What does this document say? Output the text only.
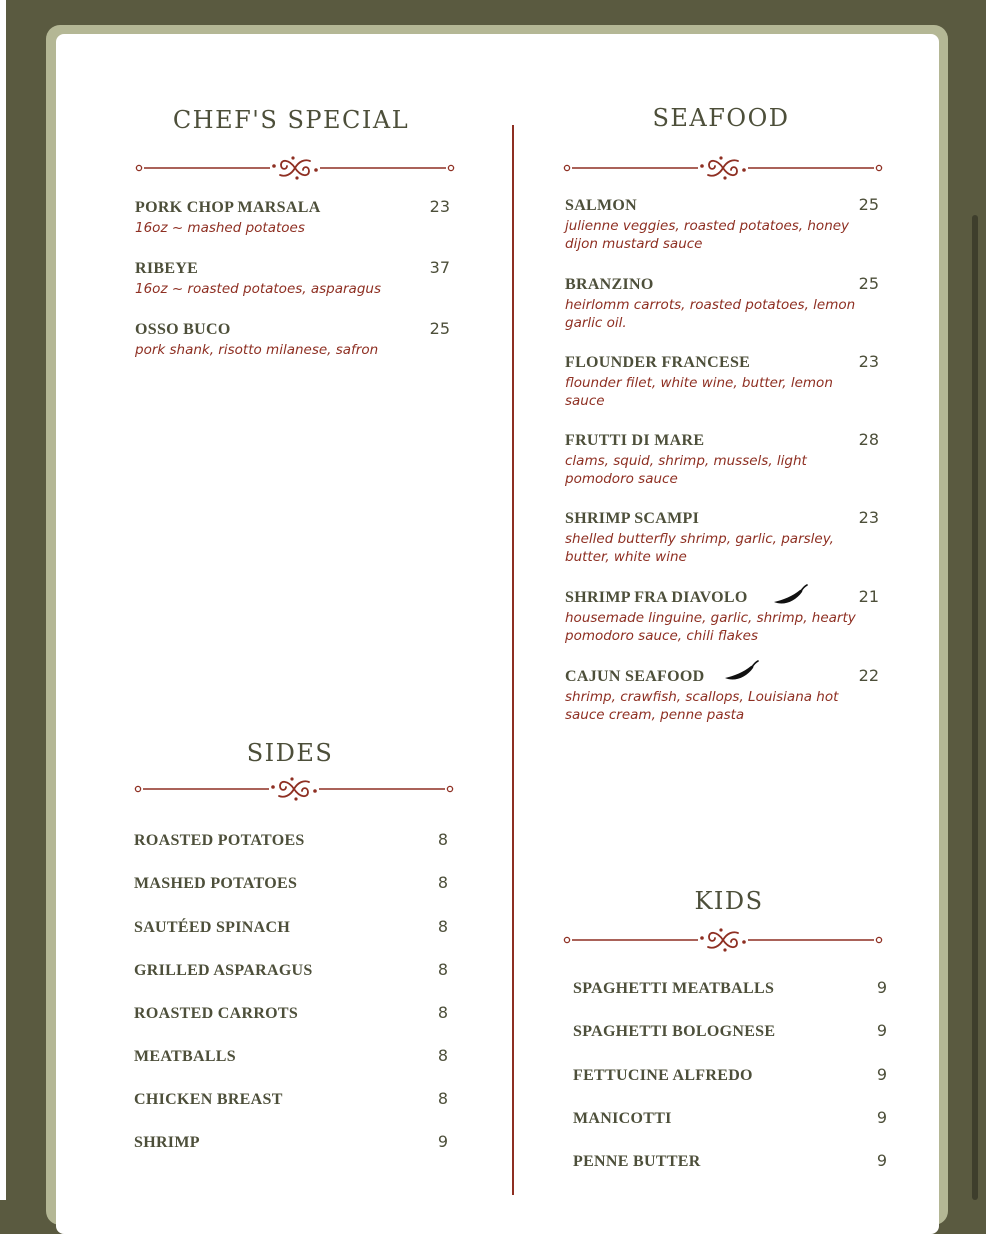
CHEF'S SPECIAL
PORK CHOP MARSALA	23
16oz ~ mashed potatoes
RIBEYE	37
16oz ~ roasted potatoes, asparagus
OSSO BUCO	25
pork shank, risotto milanese, safron
SEAFOOD
SALMON	25
julienne veggies, roasted potatoes, honey dijon mustard sauce
BRANZINO	25
heirlomm carrots, roasted potatoes, lemon garlic oil.
FLOUNDER FRANCESE	23
flounder filet, white wine, butter, lemon sauce
FRUTTI DI MARE	28
clams, squid, shrimp, mussels, light pomodoro sauce
SHRIMP SCAMPI	23
shelled butterfly shrimp, garlic, parsley, butter, white wine
SHRIMP FRA DIAVOLO	21
housemade linguine, garlic, shrimp, hearty pomodoro sauce, chili flakes
CAJUN SEAFOOD	22
shrimp, crawfish, scallops, Louisiana hot sauce cream, penne pasta
SIDES
ROASTED POTATOES	8
MASHED POTATOES	8
SAUTÉED SPINACH	8
GRILLED ASPARAGUS	8
ROASTED CARROTS	8
MEATBALLS	8
CHICKEN BREAST	8
SHRIMP	9
KIDS
SPAGHETTI MEATBALLS	9
SPAGHETTI BOLOGNESE	9
FETTUCINE ALFREDO	9
MANICOTTI	9
PENNE BUTTER	9
